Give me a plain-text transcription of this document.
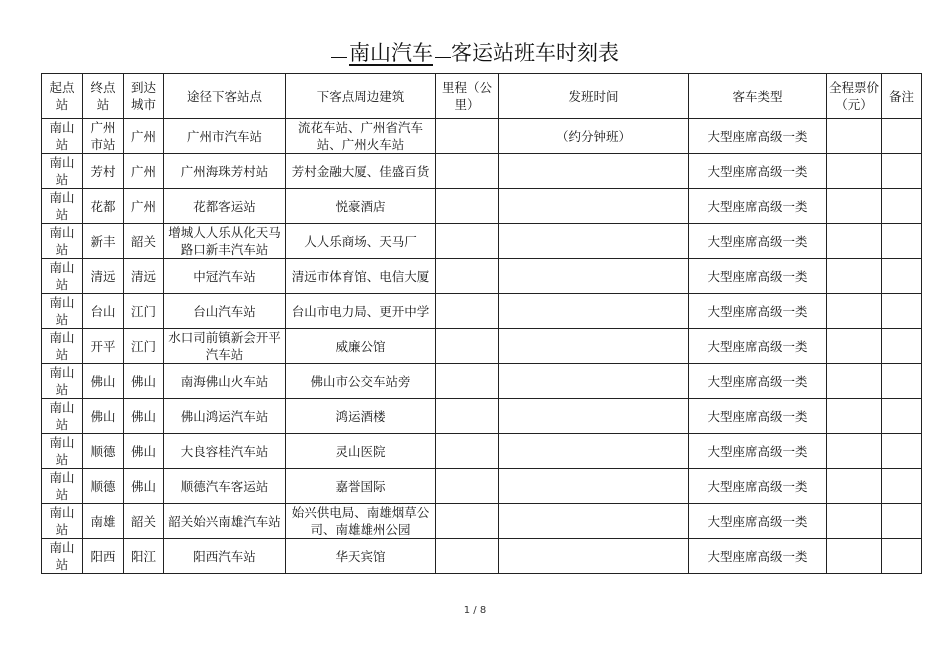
南山汽车 客运站班车时刻表
起点站	终点站	到达城市	途径下客站点	下客点周边建筑	里程（公里）	发班时间	客车类型	全程票价（元）	备注
南山站	广州市站	广州	广州市汽车站	流花车站、广州省汽车站、广州火车站		（约分钟班）	大型座席高级一类		
南山站	芳村	广州	广州海珠芳村站	芳村金融大厦、佳盛百货			大型座席高级一类		
南山站	花都	广州	花都客运站	悦豪酒店			大型座席高级一类		
南山站	新丰	韶关	增城人人乐从化天马路口新丰汽车站	人人乐商场、天马厂			大型座席高级一类		
南山站	清远	清远	中冠汽车站	清远市体育馆、电信大厦			大型座席高级一类		
南山站	台山	江门	台山汽车站	台山市电力局、更开中学			大型座席高级一类		
南山站	开平	江门	水口司前镇新会开平汽车站	威廉公馆			大型座席高级一类		
南山站	佛山	佛山	南海佛山火车站	佛山市公交车站旁			大型座席高级一类		
南山站	佛山	佛山	佛山鸿运汽车站	鸿运酒楼			大型座席高级一类		
南山站	顺德	佛山	大良容桂汽车站	灵山医院			大型座席高级一类		
南山站	顺德	佛山	顺德汽车客运站	嘉誉国际			大型座席高级一类		
南山站	南雄	韶关	韶关始兴南雄汽车站	始兴供电局、南雄烟草公司、南雄雄州公园			大型座席高级一类		
南山站	阳西	阳江	阳西汽车站	华天宾馆			大型座席高级一类		
1 / 8
